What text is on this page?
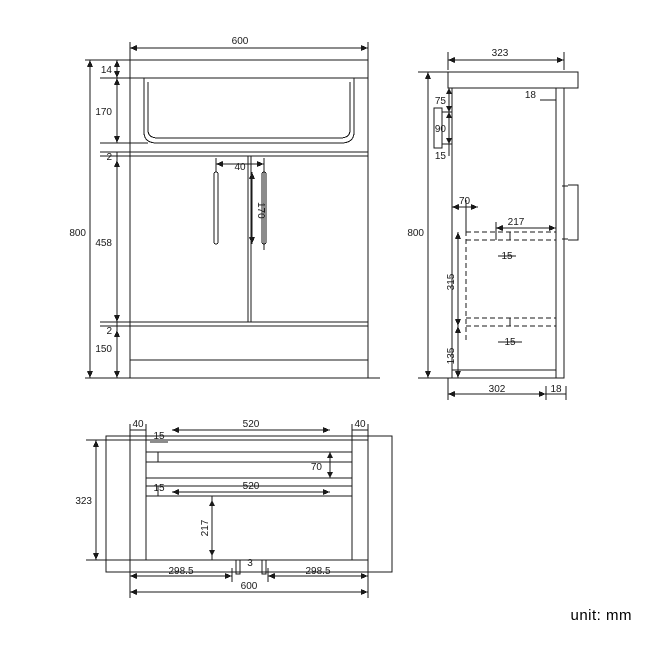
600
14
170
2
458
2
150
800
40
170
323
800
75
90
15
18
70
217
15
315
135
15
302	18
40	520	40
15
70
15	520
217
323
298.5
3
298.5
600
unit: mm
